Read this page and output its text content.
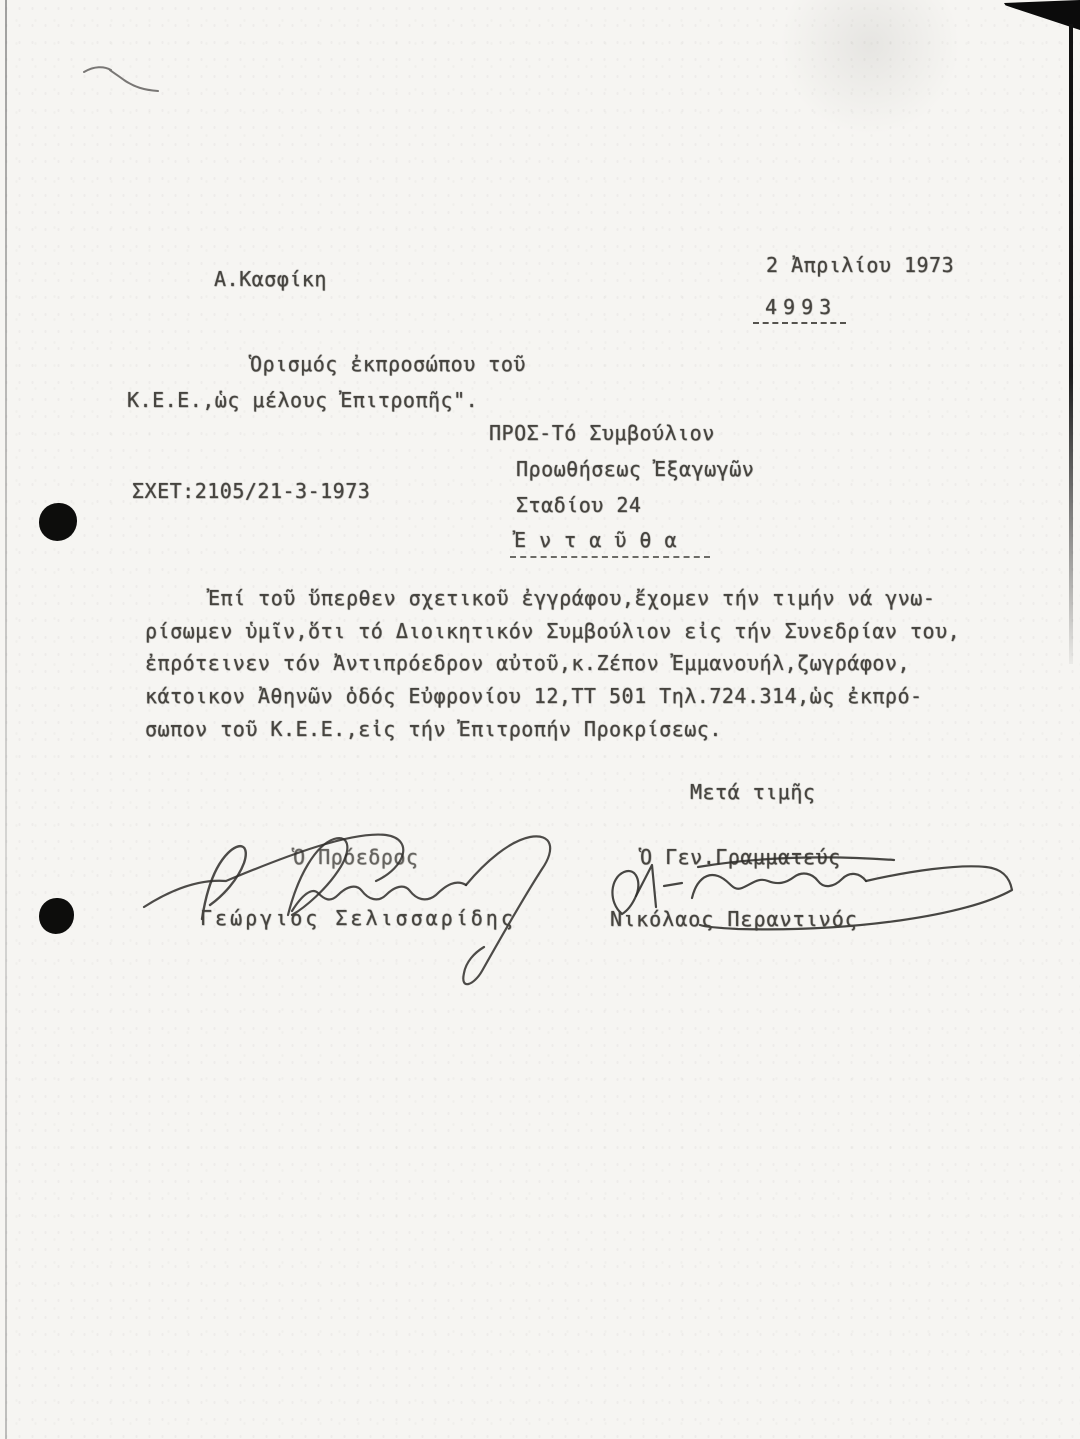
Α.Κασφίκη
2 Ἀπριλίου 1973
4993
Ὁρισμός ἐκπροσώπου τοῦ
Κ.Ε.Ε.,ὡς μέλους Ἐπιτροπῆς".
ΠΡΟΣ-Τό Συμβούλιον
Προωθήσεως Ἐξαγωγῶν
Σταδίου 24
Ἐ ν τ α ῦ θ α
ΣΧΕΤ:2105/21-3-1973
Ἐπί τοῦ ὕπερθεν σχετικοῦ ἐγγράφου,ἔχομεν τήν τιμήν νά γνω-
ρίσωμεν ὑμῖν,ὅτι τό Διοικητικόν Συμβούλιον εἰς τήν Συνεδρίαν του,
ἐπρότεινεν τόν Ἀντιπρόεδρον αὐτοῦ,κ.Ζέπον Ἐμμανουήλ,ζωγράφον,
κάτοικον Ἀθηνῶν ὁδός Εὐφρονίου 12,ΤΤ 501 Τηλ.724.314,ὡς ἐκπρό-
σωπον τοῦ Κ.Ε.Ε.,εἰς τήν Ἐπιτροπήν Προκρίσεως.
Μετά τιμῆς
Ὁ Πρόεδρος	Ὁ Γεν.Γραμματεύς
Γεώργιος Σελισσαρίδης	Νικόλαος Περαντινός
